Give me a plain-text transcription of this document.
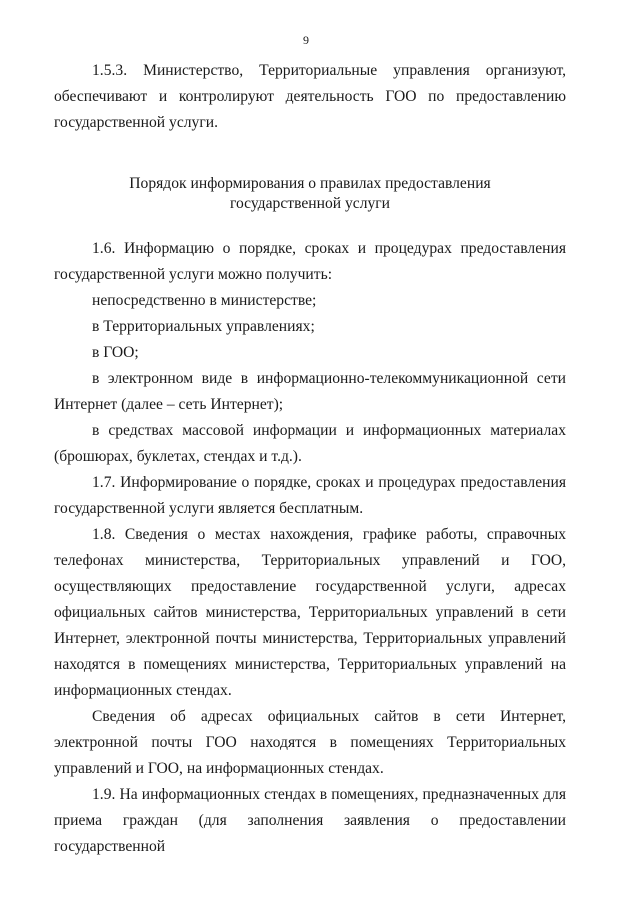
9

1.5.3. Министерство, Территориальные управления организуют, обеспечивают и контролируют деятельность ГОО по предоставлению государственной услуги.

Порядок информирования о правилах предоставления
государственной услуги

1.6. Информацию о порядке, сроках и процедурах предоставления государственной услуги можно получить:

непосредственно в министерстве;

в Территориальных управлениях;

в ГОО;

в электронном виде в информационно-телекоммуникационной сети Интернет (далее – сеть Интернет);

в средствах массовой информации и информационных материалах (брошюрах, буклетах, стендах и т.д.).

1.7. Информирование о порядке, сроках и процедурах предоставления государственной услуги является бесплатным.

1.8. Сведения о местах нахождения, графике работы, справочных телефонах министерства, Территориальных управлений и ГОО, осуществляющих предоставление государственной услуги, адресах официальных сайтов министерства, Территориальных управлений в сети Интернет, электронной почты министерства, Территориальных управлений находятся в помещениях министерства, Территориальных управлений на информационных стендах.

Сведения об адресах официальных сайтов в сети Интернет, электронной почты ГОО находятся в помещениях Территориальных управлений и ГОО, на информационных стендах.

1.9. На информационных стендах в помещениях, предназначенных для приема граждан (для заполнения заявления о предоставлении государственной
